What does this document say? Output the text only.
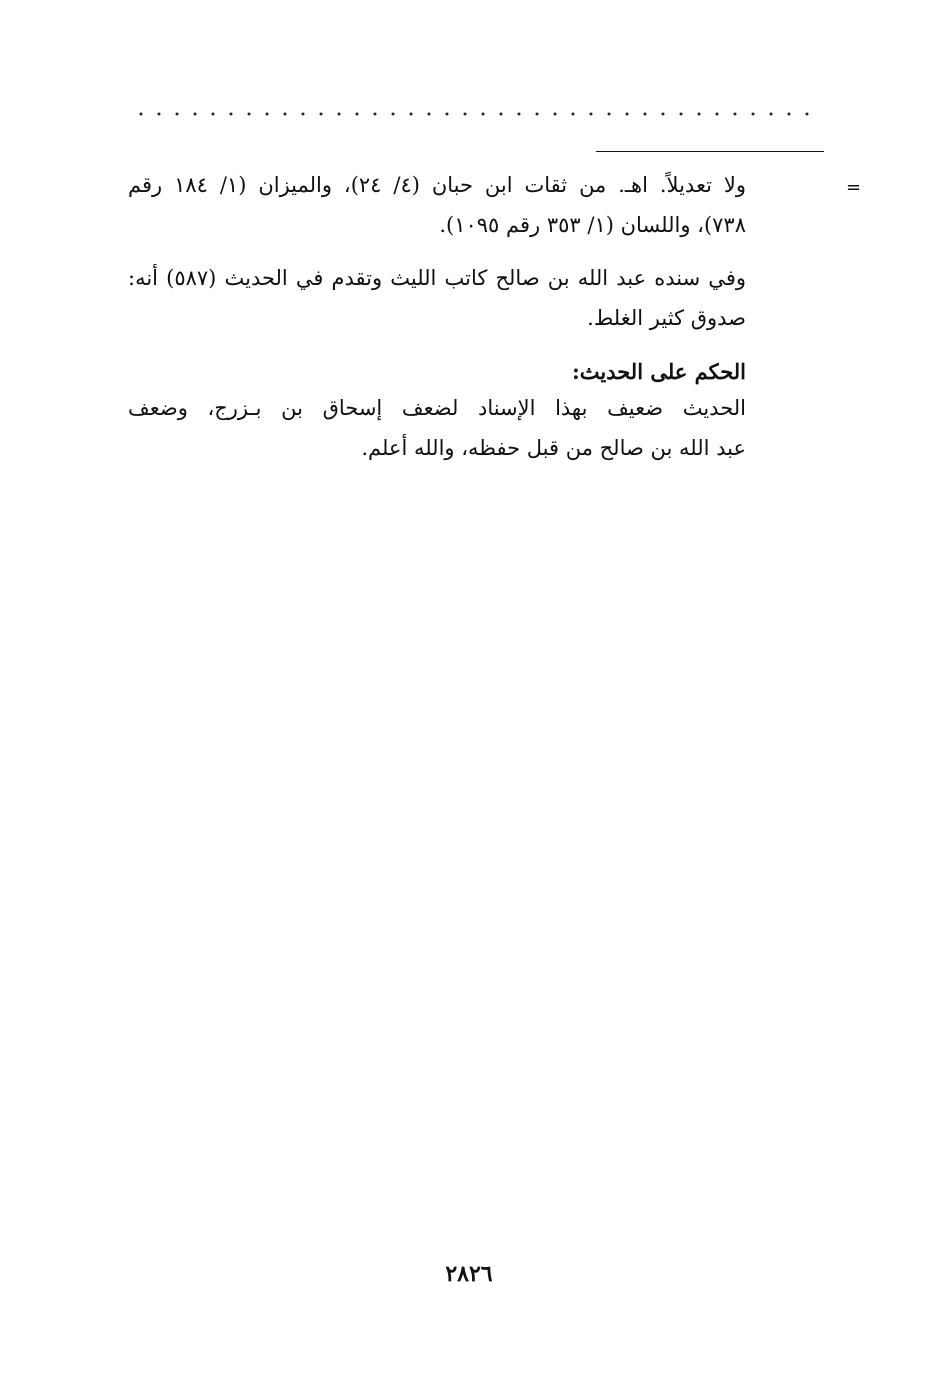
=
ولا تعديلاً. اهـ. من ثقات ابن حبان (٤/ ٢٤)، والميزان (١/ ١٨٤ رقم
٧٣٨)، واللسان (١/ ٣٥٣ رقم ١٠٩٥).
وفي سنده عبد الله بن صالح كاتب الليث وتقدم في الحديث (٥٨٧) أنه:
صدوق كثير الغلط.
الحكم على الحديث:
الحديث ضعيف بهذا الإسناد لضعف إسحاق بن بـزرج، وضعف
عبد الله بن صالح من قبل حفظه، والله أعلم.
٢٨٢٦
